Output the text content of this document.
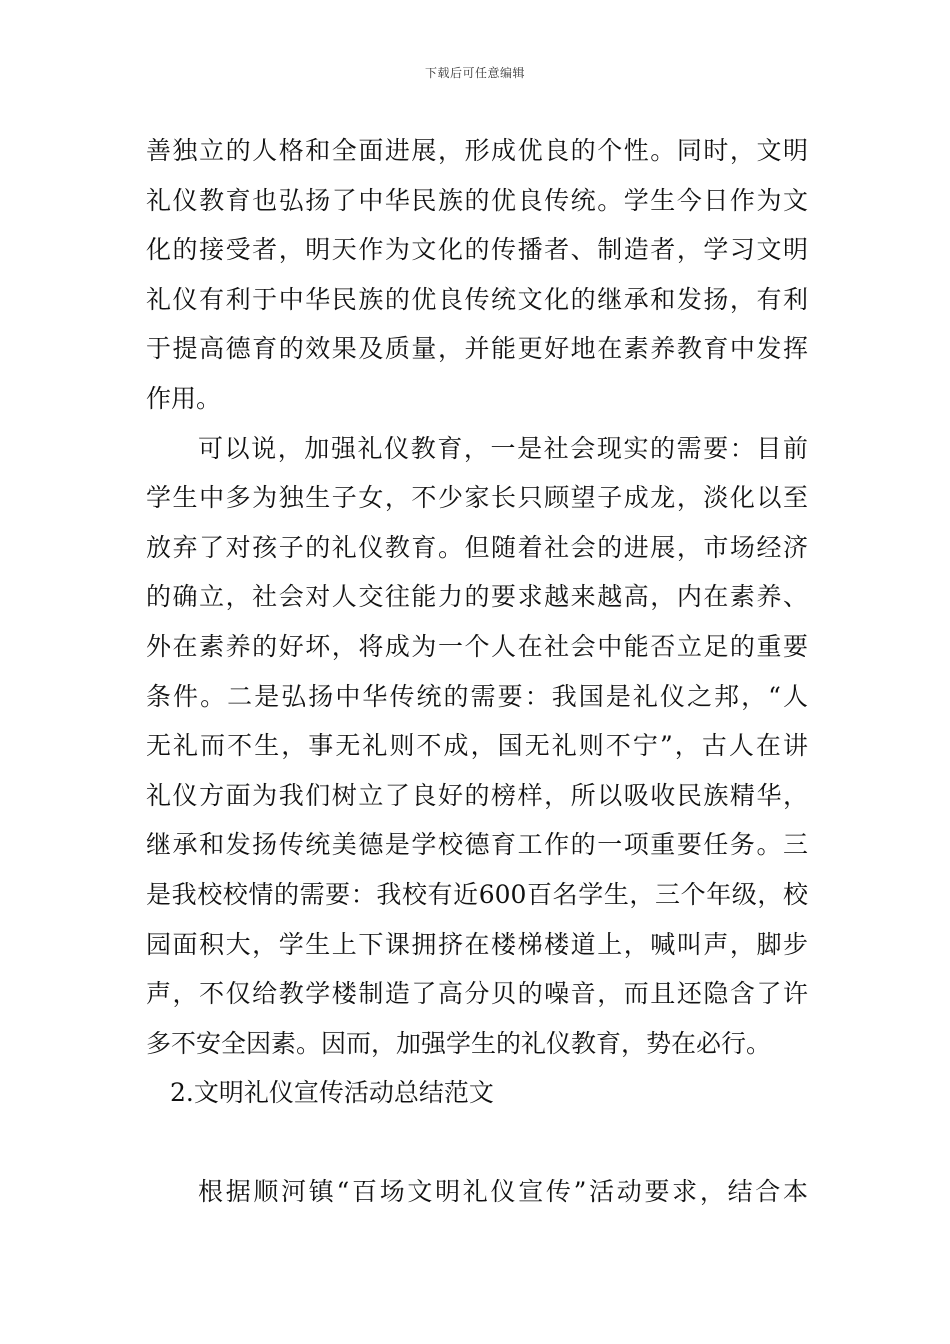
下载后可任意编辑
善独立的人格和全面进展，形成优良的个性。同时，文明
礼仪教育也弘扬了中华民族的优良传统。学生今日作为文
化的接受者，明天作为文化的传播者、制造者，学习文明
礼仪有利于中华民族的优良传统文化的继承和发扬，有利
于提高德育的效果及质量，并能更好地在素养教育中发挥
作用。
可以说，加强礼仪教育，一是社会现实的需要：目前
学生中多为独生子女，不少家长只顾望子成龙，淡化以至
放弃了对孩子的礼仪教育。但随着社会的进展，市场经济
的确立，社会对人交往能力的要求越来越高，内在素养、
外在素养的好坏，将成为一个人在社会中能否立足的重要
条件。二是弘扬中华传统的需要：我国是礼仪之邦，“人
无礼而不生，事无礼则不成，国无礼则不宁”，古人在讲
礼仪方面为我们树立了良好的榜样，所以吸收民族精华，
继承和发扬传统美德是学校德育工作的一项重要任务。三
是我校校情的需要：我校有近600百名学生，三个年级，校
园面积大，学生上下课拥挤在楼梯楼道上，喊叫声，脚步
声，不仅给教学楼制造了高分贝的噪音，而且还隐含了许
多不安全因素。因而，加强学生的礼仪教育，势在必行。
2.文明礼仪宣传活动总结范文
根据顺河镇“百场文明礼仪宣传”活动要求，结合本
